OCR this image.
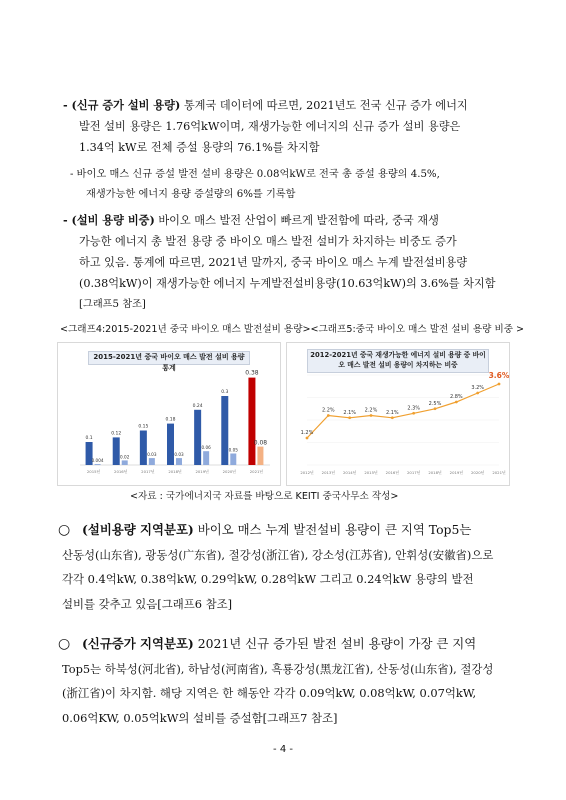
- (신규 증가 설비 용량) 통계국 데이터에 따르면, 2021년도 전국 신규 증가 에너지
발전 설비 용량은 1.76억kW이며, 재생가능한 에너지의 신규 증가 설비 용량은
1.34억 kW로 전체 증설 용량의 76.1%를 차지함
- 바이오 매스 신규 증설 발전 설비 용량은 0.08억kW로 전국 총 증설 용량의 4.5%,
재생가능한 에너지 용량 증설량의 6%를 기록함
- (설비 용량 비중) 바이오 매스 발전 산업이 빠르게 발전함에 따라, 중국 재생
가능한 에너지 총 발전 용량 중 바이오 매스 발전 설비가 차지하는 비중도 증가
하고 있음. 통계에 따르면, 2021년 말까지, 중국 바이오 매스 누계 발전설비용량
(0.38억kW)이 재생가능한 에너지 누계발전설비용량(10.63억kW)의 3.6%를 차지함
[그래프5 참조]
<그래프4:2015-2021년 중국 바이오 매스 발전설비 용량><그래프5:중국 바이오 매스 발전 설비 용량 비중 >
2015-2021년 중국 바이오 매스 발전 설비 용량 통계
0.1
0.004
2015년
0.12
0.02
2016년
0.15
0.03
2017년
0.18
0.03
2018년
0.24
0.06
2019년
0.3
0.05
2020년
0.38
0.08
2021년
2012-2021년 중국 재생가능한 에너지 설비 용량 중 바이오 매스 발전 설비 용량이 차지하는 비중
1.2%
2012년
2.2%
2013년
2.1%
2014년
2.2%
2015년
2.1%
2016년
2.3%
2017년
2.5%
2018년
2.8%
2019년
3.2%
2020년
3.6%
2021년
<자료 : 국가에너지국 자료를 바탕으로 KEITI 중국사무소 작성>
○ (설비용량 지역분포) 바이오 매스 누계 발전설비 용량이 큰 지역 Top5는
산동성(山东省), 광동성(广东省), 절강성(浙江省), 강소성(江苏省), 안휘성(安徽省)으로
각각 0.4억kW, 0.38억kW, 0.29억kW, 0.28억kW 그리고 0.24억kW 용량의 발전
설비를 갖추고 있음[그래프6 참조]
○ (신규증가 지역분포) 2021년 신규 증가된 발전 설비 용량이 가장 큰 지역
Top5는 하북성(河北省), 하남성(河南省), 흑룡강성(黑龙江省), 산동성(山东省), 절강성
(浙江省)이 차지함. 해당 지역은 한 해동안 각각 0.09억kW, 0.08억kW, 0.07억kW,
0.06억KW, 0.05억kW의 설비를 증설함[그래프7 참조]
- 4 -
